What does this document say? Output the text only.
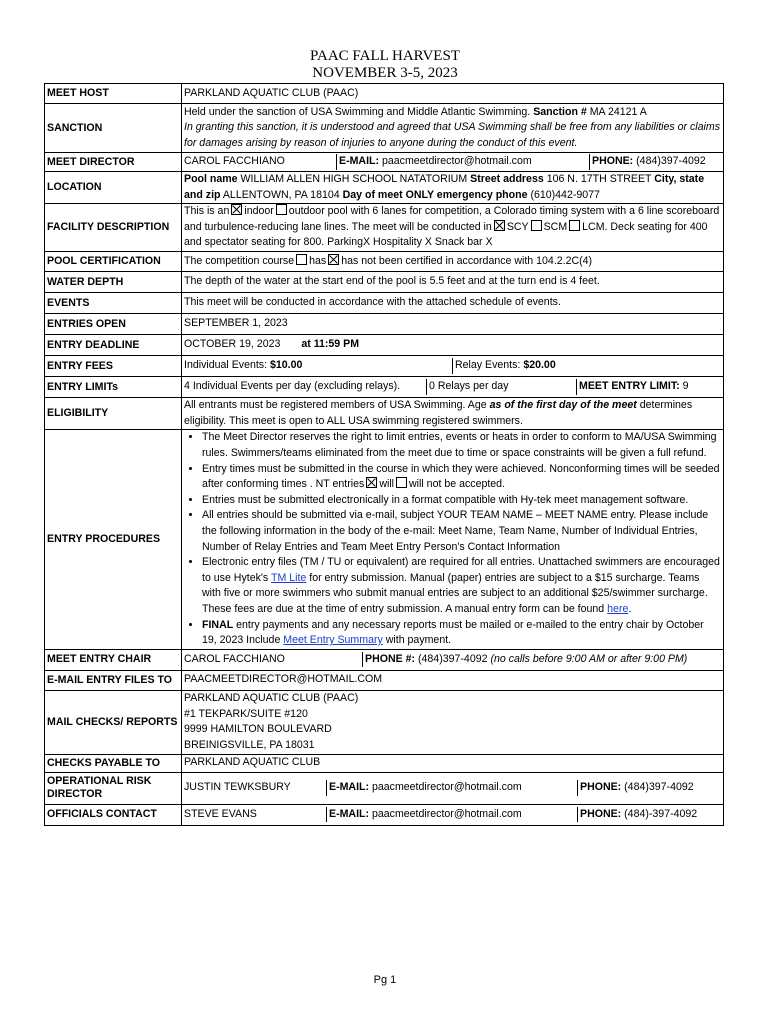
PAAC FALL HARVEST
NOVEMBER 3-5, 2023
MEET HOST	PARKLAND AQUATIC CLUB (PAAC)
SANCTION	Held under the sanction of USA Swimming and Middle Atlantic Swimming. Sanction # MA 24121 A
In granting this sanction, it is understood and agreed that USA Swimming shall be free from any liabilities or claims for damages arising by reason of injuries to anyone during the conduct of this event.
MEET DIRECTOR		CAROL FACCHIANO	E-MAIL: paacmeetdirector@hotmail.com	PHONE: (484)397-4092

LOCATION	Pool name WILLIAM ALLEN HIGH SCHOOL NATATORIUM Street address 106 N. 17TH STREET City, state and zip ALLENTOWN, PA 18104 Day of meet ONLY emergency phone (610)442-9077
FACILITY DESCRIPTION	This is an indoor outdoor pool with 6 lanes for competition, a Colorado timing system with a 6 line scoreboard and turbulence-reducing lane lines. The meet will be conducted in SCY SCM LCM. Deck seating for 400 and spectator seating for 800. ParkingX Hospitality X Snack bar X
POOL CERTIFICATION	The competition course has has not been certified in accordance with 104.2.2C(4)
WATER DEPTH	The depth of the water at the start end of the pool is 5.5 feet and at the turn end is 4 feet.
EVENTS	This meet will be conducted in accordance with the attached schedule of events.
ENTRIES OPEN	SEPTEMBER 1, 2023
ENTRY DEADLINE	OCTOBER 19, 2023 at 11:59 PM
ENTRY FEES		Individual Events: $10.00	Relay Events: $20.00

ENTRY LIMITs		4 Individual Events per day (excluding relays).	0 Relays per day	MEET ENTRY LIMIT: 9

ELIGIBILITY	All entrants must be registered members of USA Swimming. Age as of the first day of the meet determines eligibility. This meet is open to ALL USA swimming registered swimmers.
ENTRY PROCEDURES	
• The Meet Director reserves the right to limit entries, events or heats in order to conform to MA/USA Swimming rules. Swimmers/teams eliminated from the meet due to time or space constraints will be given a full refund.
• Entry times must be submitted in the course in which they were achieved. Nonconforming times will be seeded after conforming times . NT entries will will not be accepted.
• Entries must be submitted electronically in a format compatible with Hy-tek meet management software.
• All entries should be submitted via e-mail, subject YOUR TEAM NAME – MEET NAME entry. Please include the following information in the body of the e-mail: Meet Name, Team Name, Number of Individual Entries, Number of Relay Entries and Team Meet Entry Person's Contact Information
• Electronic entry files (TM / TU or equivalent) are required for all entries. Unattached swimmers are encouraged to use Hytek's TM Lite for entry submission. Manual (paper) entries are subject to a $15 surcharge. Teams with five or more swimmers who submit manual entries are subject to an additional $25/swimmer surcharge. These fees are due at the time of entry submission. A manual entry form can be found here.
• FINAL entry payments and any necessary reports must be mailed or e-mailed to the entry chair by October 19, 2023 Include Meet Entry Summary with payment.

MEET ENTRY CHAIR		CAROL FACCHIANO	PHONE #: (484)397-4092 (no calls before 9:00 AM or after 9:00 PM)

E-MAIL ENTRY FILES TO	PAACMEETDIRECTOR@HOTMAIL.COM
MAIL CHECKS/ REPORTS	
PARKLAND AQUATIC CLUB (PAAC)
#1 TEKPARK/SUITE #120
9999 HAMILTON BOULEVARD
BREINIGSVILLE, PA 18031

CHECKS PAYABLE TO	PARKLAND AQUATIC CLUB
OPERATIONAL RISK DIRECTOR	
JUSTIN TEWKSBURY	E-MAIL: paacmeetdirector@hotmail.com	PHONE: (484)397-4092

OFFICIALS CONTACT		STEVE EVANS	E-MAIL: paacmeetdirector@hotmail.com	PHONE: (484)-397-4092
Pg 1
